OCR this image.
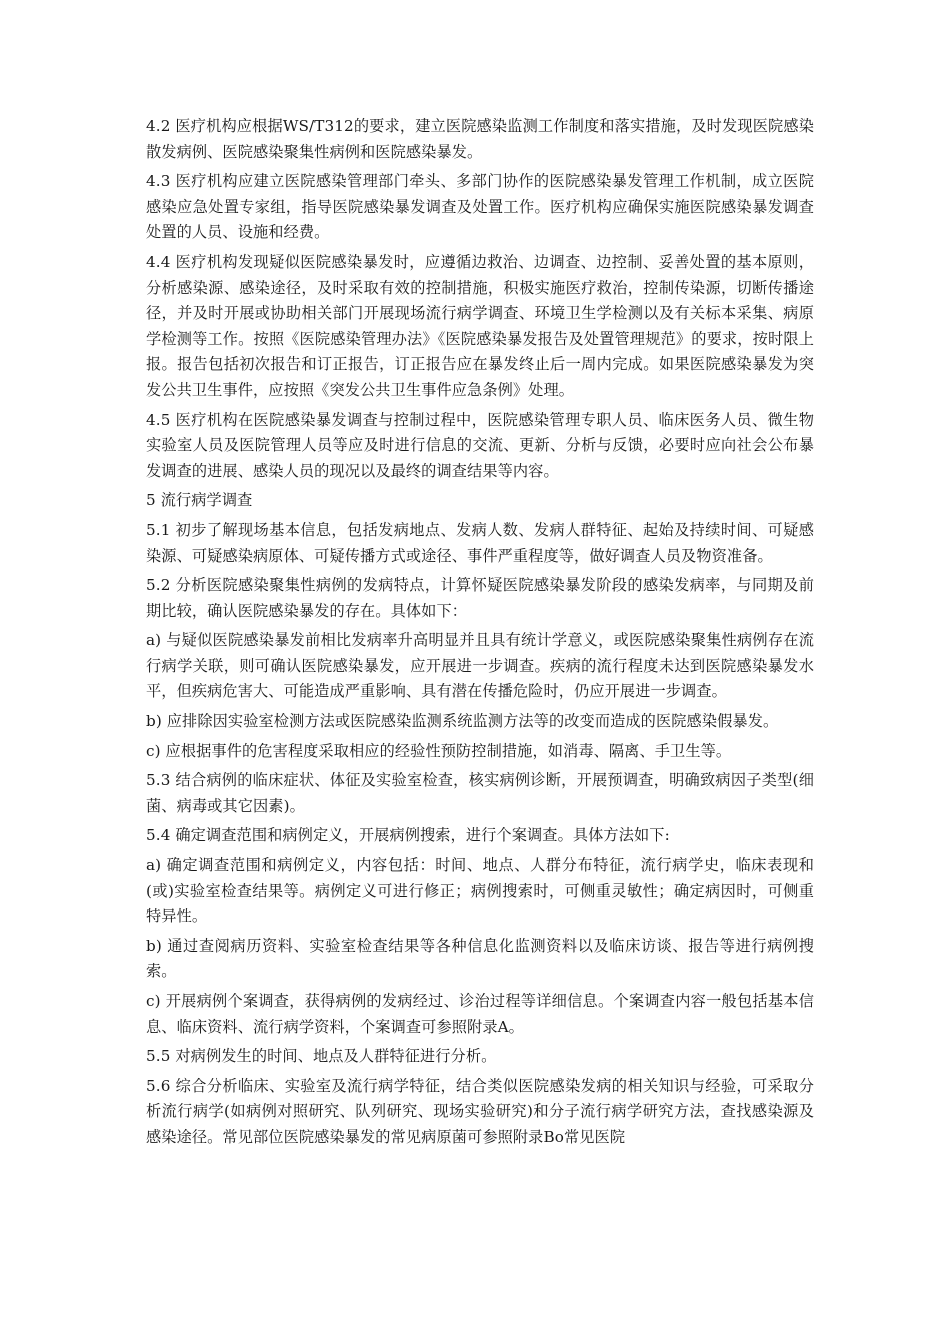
4.2 医疗机构应根据WS/T312的要求，建立医院感染监测工作制度和落实措施，及时发现医院感染散发病例、医院感染聚集性病例和医院感染暴发。

4.3 医疗机构应建立医院感染管理部门牵头、多部门协作的医院感染暴发管理工作机制，成立医院感染应急处置专家组，指导医院感染暴发调查及处置工作。医疗机构应确保实施医院感染暴发调查处置的人员、设施和经费。

4.4 医疗机构发现疑似医院感染暴发时，应遵循边救治、边调查、边控制、妥善处置的基本原则，分析感染源、感染途径，及时采取有效的控制措施，积极实施医疗救治，控制传染源，切断传播途径，并及时开展或协助相关部门开展现场流行病学调查、环境卫生学检测以及有关标本采集、病原学检测等工作。按照《医院感染管理办法》《医院感染暴发报告及处置管理规范》的要求，按时限上报。报告包括初次报告和订正报告，订正报告应在暴发终止后一周内完成。如果医院感染暴发为突发公共卫生事件，应按照《突发公共卫生事件应急条例》处理。

4.5 医疗机构在医院感染暴发调查与控制过程中，医院感染管理专职人员、临床医务人员、微生物实验室人员及医院管理人员等应及时进行信息的交流、更新、分析与反馈，必要时应向社会公布暴发调查的进展、感染人员的现况以及最终的调查结果等内容。

5 流行病学调查

5.1 初步了解现场基本信息，包括发病地点、发病人数、发病人群特征、起始及持续时间、可疑感染源、可疑感染病原体、可疑传播方式或途径、事件严重程度等，做好调查人员及物资准备。

5.2 分析医院感染聚集性病例的发病特点，计算怀疑医院感染暴发阶段的感染发病率，与同期及前期比较，确认医院感染暴发的存在。具体如下：

a) 与疑似医院感染暴发前相比发病率升高明显并且具有统计学意义，或医院感染聚集性病例存在流行病学关联，则可确认医院感染暴发，应开展进一步调查。疾病的流行程度未达到医院感染暴发水平，但疾病危害大、可能造成严重影响、具有潜在传播危险时，仍应开展进一步调查。

b) 应排除因实验室检测方法或医院感染监测系统监测方法等的改变而造成的医院感染假暴发。

c) 应根据事件的危害程度采取相应的经验性预防控制措施，如消毒、隔离、手卫生等。

5.3 结合病例的临床症状、体征及实验室检查，核实病例诊断，开展预调查，明确致病因子类型(细菌、病毒或其它因素)。

5.4 确定调查范围和病例定义，开展病例搜索，进行个案调查。具体方法如下:

a) 确定调查范围和病例定义，内容包括：时间、地点、人群分布特征，流行病学史，临床表现和(或)实验室检查结果等。病例定义可进行修正；病例搜索时，可侧重灵敏性；确定病因时，可侧重特异性。

b) 通过查阅病历资料、实验室检查结果等各种信息化监测资料以及临床访谈、报告等进行病例搜索。

c) 开展病例个案调查，获得病例的发病经过、诊治过程等详细信息。个案调查内容一般包括基本信息、临床资料、流行病学资料，个案调查可参照附录A。

5.5 对病例发生的时间、地点及人群特征进行分析。

5.6 综合分析临床、实验室及流行病学特征，结合类似医院感染发病的相关知识与经验，可采取分析流行病学(如病例对照研究、队列研究、现场实验研究)和分子流行病学研究方法，查找感染源及感染途径。常见部位医院感染暴发的常见病原菌可参照附录Bo常见医院
